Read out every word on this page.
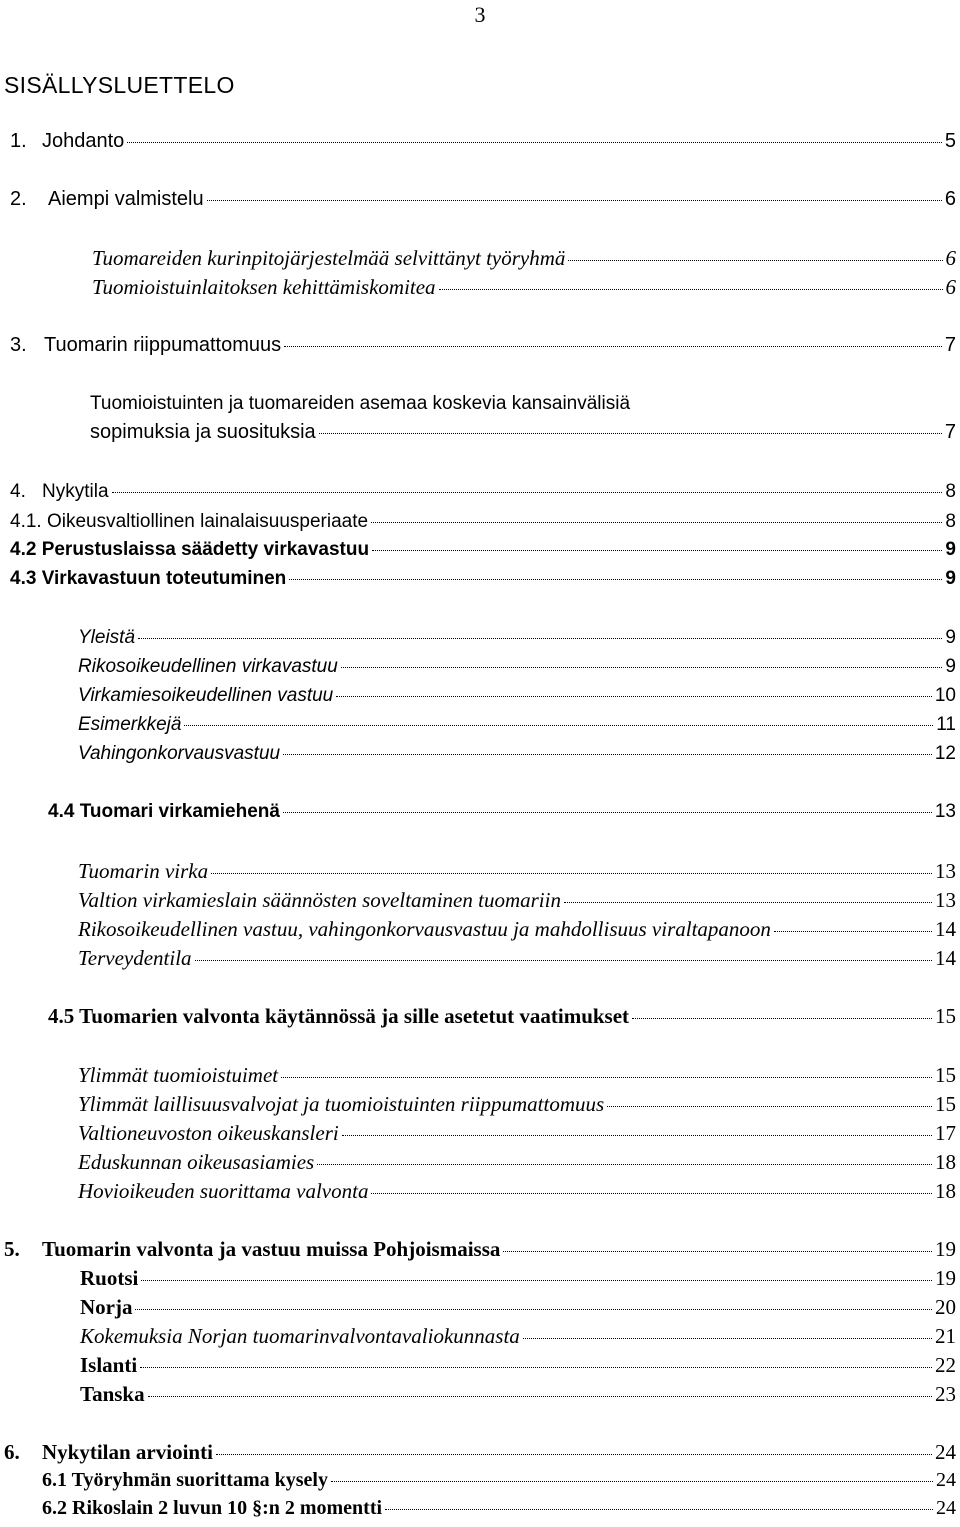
3
SISÄLLYSLUETTELO
1. Johdanto	5
2. Aiempi valmistelu	6
Tuomareiden kurinpitojärjestelmää selvittänyt työryhmä	6
Tuomioistuinlaitoksen kehittämiskomitea	6
3. Tuomarin riippumattomuus	7
Tuomioistuinten ja tuomareiden asemaa koskevia kansainvälisiä
sopimuksia ja suosituksia	7
4. Nykytila	8
4.1. Oikeusvaltiollinen lainalaisuusperiaate	8
4.2 Perustuslaissa säädetty virkavastuu	9
4.3 Virkavastuun toteutuminen	9
Yleistä	9
Rikosoikeudellinen virkavastuu	9
Virkamiesoikeudellinen vastuu	10
Esimerkkejä	11
Vahingonkorvausvastuu	12
4.4 Tuomari virkamiehenä	13
Tuomarin virka	13
Valtion virkamieslain säännösten soveltaminen tuomariin	13
Rikosoikeudellinen vastuu, vahingonkorvausvastuu ja mahdollisuus viraltapanoon	14
Terveydentila	14
4.5 Tuomarien valvonta käytännössä ja sille asetetut vaatimukset	15
Ylimmät tuomioistuimet	15
Ylimmät laillisuusvalvojat ja tuomioistuinten riippumattomuus	15
Valtioneuvoston oikeuskansleri	17
Eduskunnan oikeusasiamies	18
Hovioikeuden suorittama valvonta	18
5. Tuomarin valvonta ja vastuu muissa Pohjoismaissa	19
Ruotsi	19
Norja	20
Kokemuksia Norjan tuomarinvalvontavaliokunnasta	21
Islanti	22
Tanska	23
6. Nykytilan arviointi	24
6.1 Työryhmän suorittama kysely	24
6.2 Rikoslain 2 luvun 10 §:n 2 momentti	24
